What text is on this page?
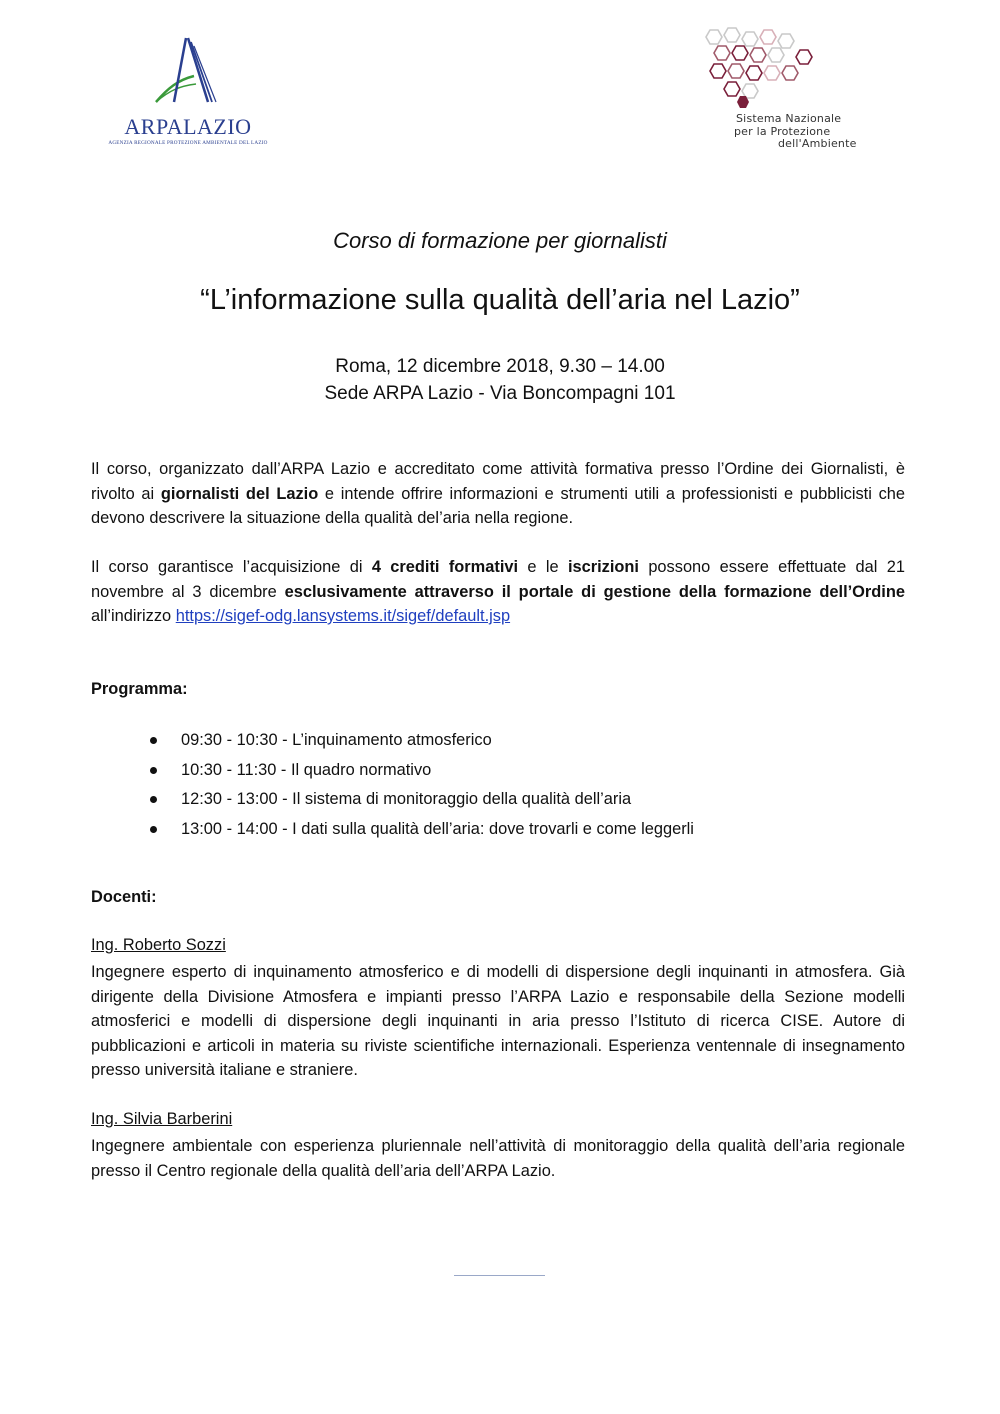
ARPALAZIO
AGENZIA REGIONALE PROTEZIONE AMBIENTALE DEL LAZIO
Sistema Nazionale
per la Protezione
dell'Ambiente
Corso di formazione per giornalisti
“L’informazione sulla qualità dell’aria nel Lazio”
Roma, 12 dicembre 2018, 9.30 – 14.00
Sede ARPA Lazio - Via Boncompagni 101
Il corso, organizzato dall’ARPA Lazio e accreditato come attività formativa presso l’Ordine dei Giornalisti, è rivolto ai giornalisti del Lazio e intende offrire informazioni e strumenti utili a professionisti e pubblicisti che devono descrivere la situazione della qualità del’aria nella regione.
Il corso garantisce l’acquisizione di 4 crediti formativi e le iscrizioni possono essere effettuate dal 21 novembre al 3 dicembre esclusivamente attraverso il portale di gestione della formazione dell’Ordine all’indirizzo https://sigef-odg.lansystems.it/sigef/default.jsp
Programma:
09:30 - 10:30 - L’inquinamento atmosferico
10:30 - 11:30 - Il quadro normativo
12:30 - 13:00 - Il sistema di monitoraggio della qualità dell’aria
13:00 - 14:00 - I dati sulla qualità dell’aria: dove trovarli e come leggerli
Docenti:
Ing. Roberto Sozzi
Ingegnere esperto di inquinamento atmosferico e di modelli di dispersione degli inquinanti in atmosfera. Già dirigente della Divisione Atmosfera e impianti presso l’ARPA Lazio e responsabile della Sezione modelli atmosferici e modelli di dispersione degli inquinanti in aria presso l’Istituto di ricerca CISE. Autore di pubblicazioni e articoli in materia su riviste scientifiche internazionali. Esperienza ventennale di insegnamento presso università italiane e straniere.
Ing. Silvia Barberini
Ingegnere ambientale con esperienza pluriennale nell’attività di monitoraggio della qualità dell’aria regionale presso il Centro regionale della qualità dell’aria dell’ARPA Lazio.
